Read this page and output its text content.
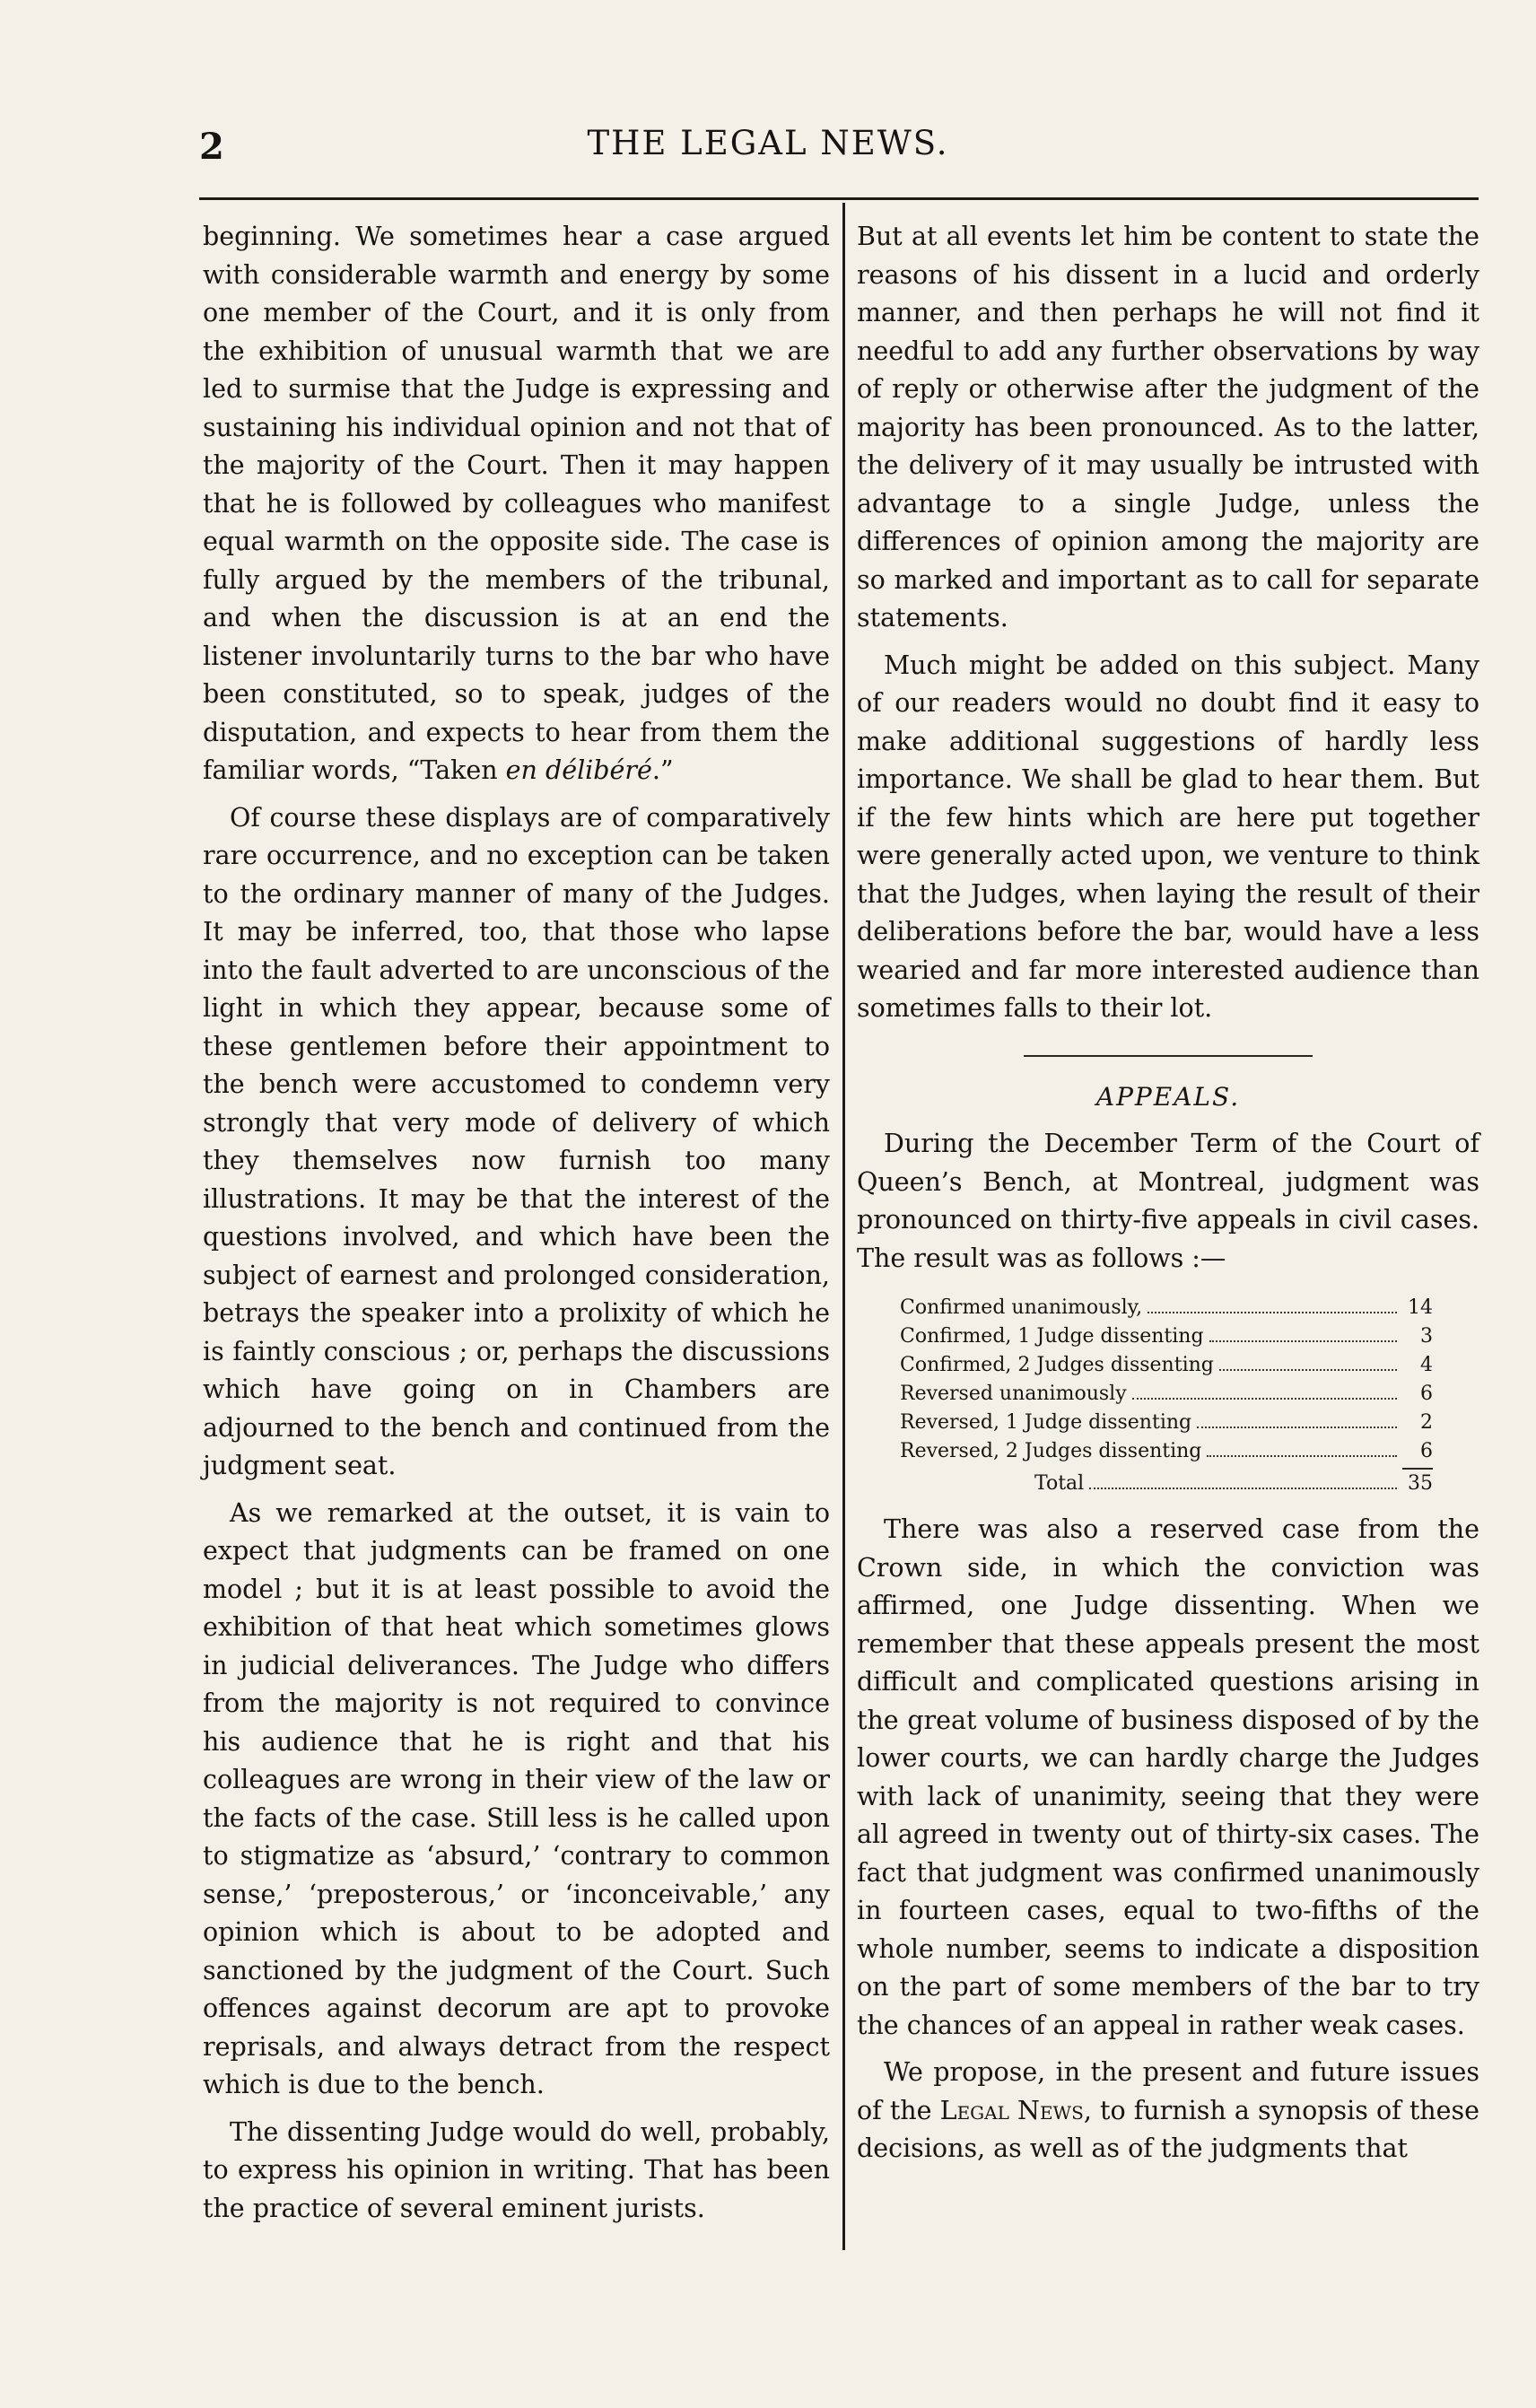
2	THE LEGAL NEWS.

beginning. We sometimes hear a case argued with considerable warmth and energy by some one member of the Court, and it is only from the exhibition of unusual warmth that we are led to surmise that the Judge is expressing and sustaining his individual opinion and not that of the majority of the Court. Then it may happen that he is followed by colleagues who manifest equal warmth on the opposite side. The case is fully argued by the members of the tribunal, and when the discussion is at an end the listener involuntarily turns to the bar who have been constituted, so to speak, judges of the disputation, and expects to hear from them the familiar words, “Taken en délibéré.”

Of course these displays are of comparatively rare occurrence, and no exception can be taken to the ordinary manner of many of the Judges. It may be inferred, too, that those who lapse into the fault adverted to are unconscious of the light in which they appear, because some of these gentlemen before their appointment to the bench were accustomed to condemn very strongly that very mode of delivery of which they themselves now furnish too many illustrations. It may be that the interest of the questions involved, and which have been the subject of earnest and prolonged consideration, betrays the speaker into a prolixity of which he is faintly conscious ; or, perhaps the discussions which have going on in Chambers are adjourned to the bench and continued from the judgment seat.

As we remarked at the outset, it is vain to expect that judgments can be framed on one model ; but it is at least possible to avoid the exhibition of that heat which sometimes glows in judicial deliverances. The Judge who differs from the majority is not required to convince his audience that he is right and that his colleagues are wrong in their view of the law or the facts of the case. Still less is he called upon to stigmatize as ‘absurd,’ ‘contrary to common sense,’ ‘preposterous,’ or ‘inconceivable,’ any opinion which is about to be adopted and sanctioned by the judgment of the Court. Such offences against decorum are apt to provoke reprisals, and always detract from the respect which is due to the bench.

The dissenting Judge would do well, probably, to express his opinion in writing. That has been the practice of several eminent jurists.

But at all events let him be content to state the reasons of his dissent in a lucid and orderly manner, and then perhaps he will not find it needful to add any further observations by way of reply or otherwise after the judgment of the majority has been pronounced. As to the latter, the delivery of it may usually be intrusted with advantage to a single Judge, unless the differences of opinion among the majority are so marked and important as to call for separate statements.

Much might be added on this subject. Many of our readers would no doubt find it easy to make additional suggestions of hardly less importance. We shall be glad to hear them. But if the few hints which are here put together were generally acted upon, we venture to think that the Judges, when laying the result of their deliberations before the bar, would have a less wearied and far more interested audience than sometimes falls to their lot.

APPEALS.

During the December Term of the Court of Queen’s Bench, at Montreal, judgment was pronounced on thirty-five appeals in civil cases. The result was as follows :—

Confirmed unanimously,	14
Confirmed, 1 Judge dissenting	3
Confirmed, 2 Judges dissenting	4
Reversed unanimously	6
Reversed, 1 Judge dissenting	2
Reversed, 2 Judges dissenting	6
Total	35

There was also a reserved case from the Crown side, in which the conviction was affirmed, one Judge dissenting. When we remember that these appeals present the most difficult and complicated questions arising in the great volume of business disposed of by the lower courts, we can hardly charge the Judges with lack of unanimity, seeing that they were all agreed in twenty out of thirty-six cases. The fact that judgment was confirmed unanimously in fourteen cases, equal to two-fifths of the whole number, seems to indicate a disposition on the part of some members of the bar to try the chances of an appeal in rather weak cases.

We propose, in the present and future issues of the Legal News, to furnish a synopsis of these decisions, as well as of the judgments that
